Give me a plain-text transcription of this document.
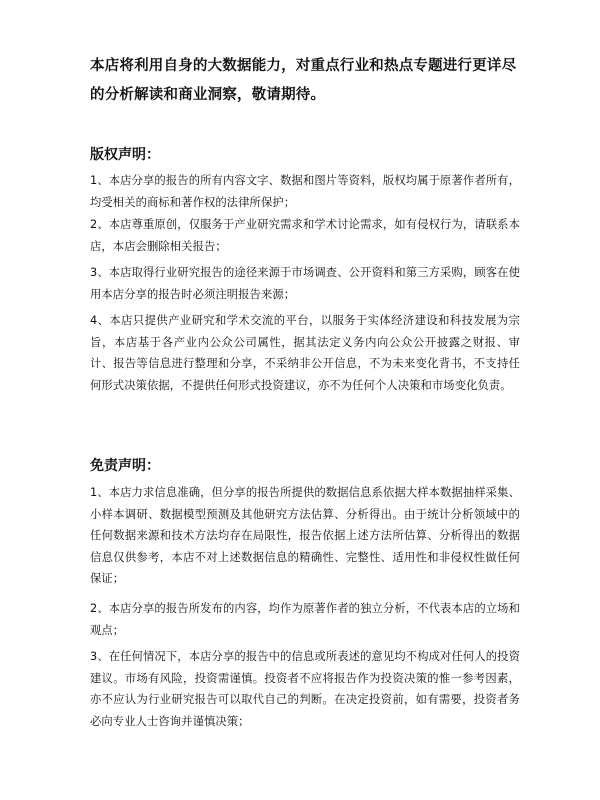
本店将利用自身的大数据能力，对重点行业和热点专题进行更详尽的分析解读和商业洞察，敬请期待。
版权声明：
1、本店分享的报告的所有内容文字、数据和图片等资料，版权均属于原著作者所有，均受相关的商标和著作权的法律所保护；
2、本店尊重原创，仅服务于产业研究需求和学术讨论需求，如有侵权行为，请联系本店，本店会删除相关报告；
3、本店取得行业研究报告的途径来源于市场调查、公开资料和第三方采购，顾客在使用本店分享的报告时必须注明报告来源；
4、本店只提供产业研究和学术交流的平台，以服务于实体经济建设和科技发展为宗旨，本店基于各产业内公众公司属性，据其法定义务内向公众公开披露之财报、审计、报告等信息进行整理和分享，不采纳非公开信息，不为未来变化背书，不支持任何形式决策依据，不提供任何形式投资建议，亦不为任何个人决策和市场变化负责。
免责声明：
1、本店力求信息准确，但分享的报告所提供的数据信息系依据大样本数据抽样采集、小样本调研、数据模型预测及其他研究方法估算、分析得出。由于统计分析领域中的任何数据来源和技术方法均存在局限性，报告依据上述方法所估算、分析得出的数据信息仅供参考，本店不对上述数据信息的精确性、完整性、适用性和非侵权性做任何保证；
2、本店分享的报告所发布的内容，均作为原著作者的独立分析，不代表本店的立场和观点；
3、在任何情况下，本店分享的报告中的信息或所表述的意见均不构成对任何人的投资建议。市场有风险，投资需谨慎。投资者不应将报告作为投资决策的惟一参考因素，亦不应认为行业研究报告可以取代自己的判断。在决定投资前，如有需要，投资者务必向专业人士咨询并谨慎决策；
